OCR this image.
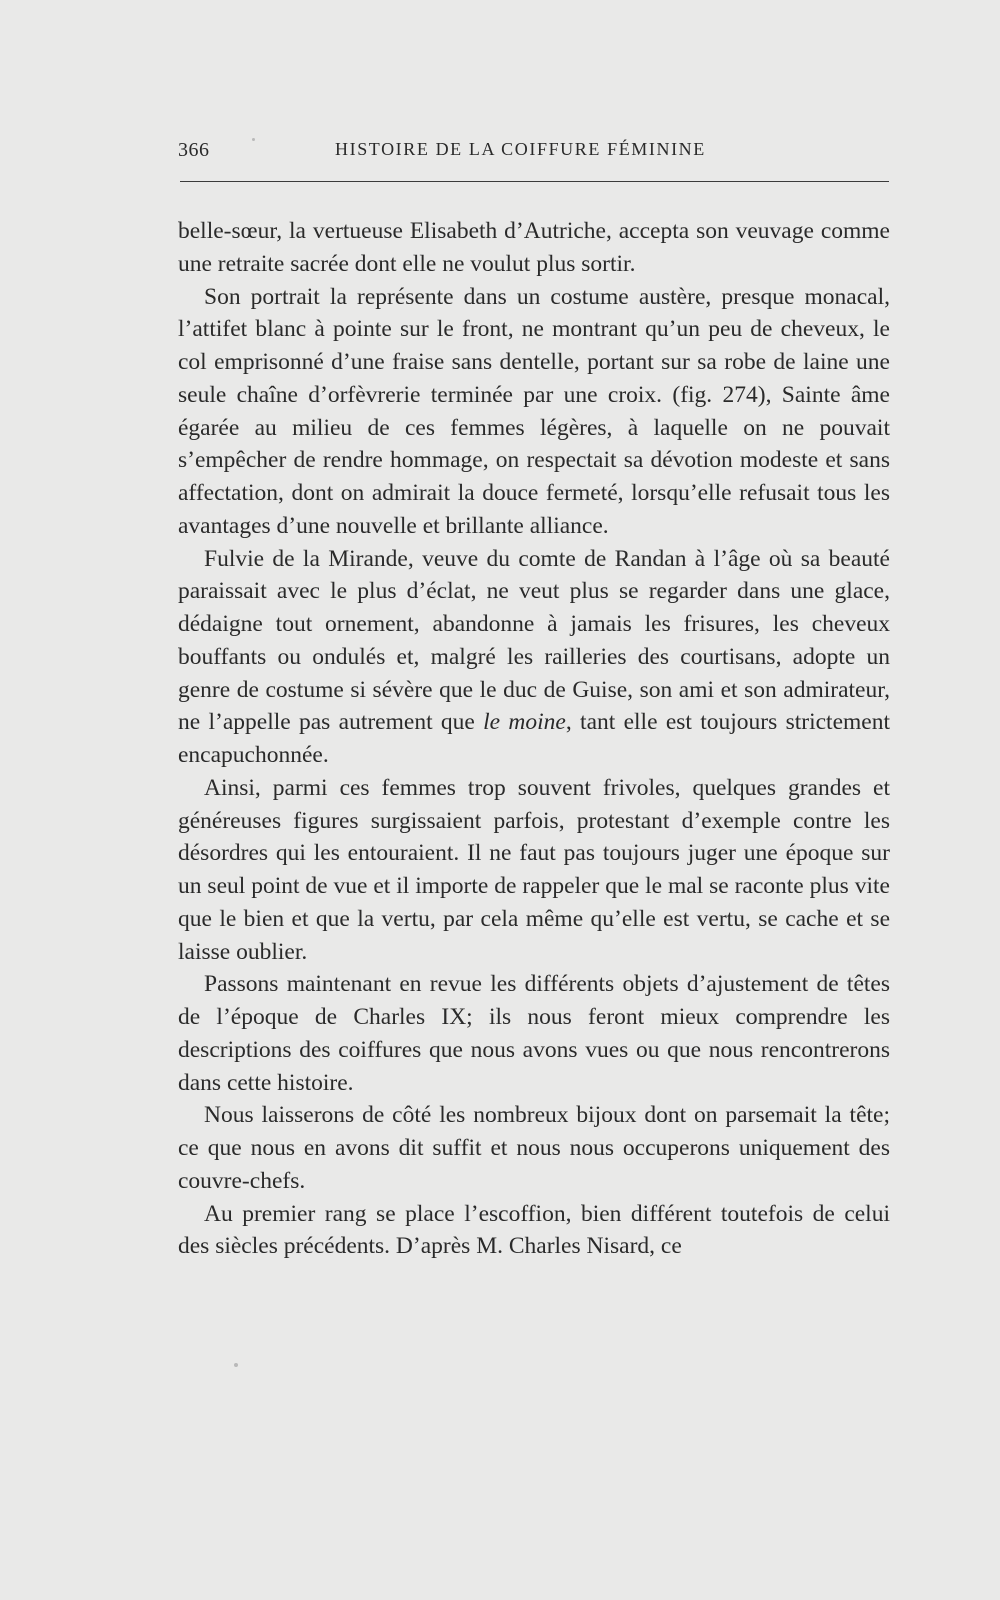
366	HISTOIRE DE LA COIFFURE FÉMININE

belle-sœur, la vertueuse Elisabeth d’Autriche, accepta son veuvage comme une retraite sacrée dont elle ne voulut plus sortir.

Son portrait la représente dans un costume austère, presque monacal, l’attifet blanc à pointe sur le front, ne montrant qu’un peu de cheveux, le col emprisonné d’une fraise sans dentelle, portant sur sa robe de laine une seule chaîne d’orfèvrerie terminée par une croix. (fig. 274), Sainte âme égarée au milieu de ces femmes légères, à laquelle on ne pouvait s’empêcher de rendre hommage, on respectait sa dévotion modeste et sans affectation, dont on admirait la douce fermeté, lorsqu’elle refusait tous les avantages d’une nouvelle et brillante alliance.

Fulvie de la Mirande, veuve du comte de Randan à l’âge où sa beauté paraissait avec le plus d’éclat, ne veut plus se regarder dans une glace, dédaigne tout ornement, abandonne à jamais les frisures, les cheveux bouffants ou ondulés et, malgré les railleries des courtisans, adopte un genre de costume si sévère que le duc de Guise, son ami et son admirateur, ne l’appelle pas autrement que le moine, tant elle est toujours strictement encapuchonnée.

Ainsi, parmi ces femmes trop souvent frivoles, quelques grandes et généreuses figures surgissaient parfois, protestant d’exemple contre les désordres qui les entouraient. Il ne faut pas toujours juger une époque sur un seul point de vue et il importe de rappeler que le mal se raconte plus vite que le bien et que la vertu, par cela même qu’elle est vertu, se cache et se laisse oublier.

Passons maintenant en revue les différents objets d’ajustement de têtes de l’époque de Charles IX; ils nous feront mieux comprendre les descriptions des coiffures que nous avons vues ou que nous rencontrerons dans cette histoire.

Nous laisserons de côté les nombreux bijoux dont on parsemait la tête; ce que nous en avons dit suffit et nous nous occuperons uniquement des couvre-chefs.

Au premier rang se place l’escoffion, bien différent toutefois de celui des siècles précédents. D’après M. Charles Nisard, ce
